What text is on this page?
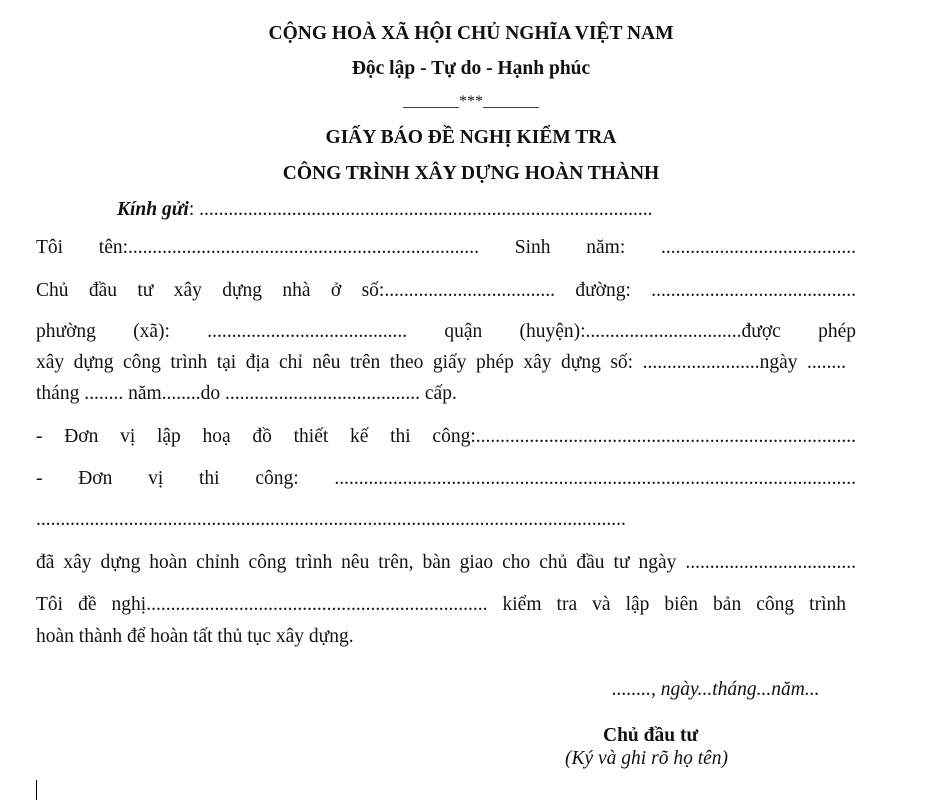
CỘNG HOÀ XÃ HỘI CHỦ NGHĨA VIỆT NAM
Độc lập - Tự do - Hạnh phúc
_______***_______
GIẤY BÁO ĐỀ NGHỊ KIỂM TRA
CÔNG TRÌNH XÂY DỰNG HOÀN THÀNH
Kính gửi: .............................................................................................
Tôi tên:........................................................................ Sinh năm: ........................................
Chủ đầu tư xây dựng nhà ở số:................................... đường: ..........................................
phường (xã): ......................................... quận (huyện):................................được phép
xây dựng công trình tại địa chỉ nêu trên theo giấy phép xây dựng số: ........................ngày ........
tháng ........ năm........do ........................................ cấp.
- Đơn vị lập hoạ đồ thiết kế thi công:..............................................................................
- Đơn vị thi công: ...........................................................................................................
.........................................................................................................................
đã xây dựng hoàn chỉnh công trình nêu trên, bàn giao cho chủ đầu tư ngày ...................................
Tôi đề nghị...................................................................... kiểm tra và lập biên bản công trình
hoàn thành để hoàn tất thủ tục xây dựng.
........, ngày...tháng...năm...
Chủ đầu tư
(Ký và ghi rõ họ tên)
